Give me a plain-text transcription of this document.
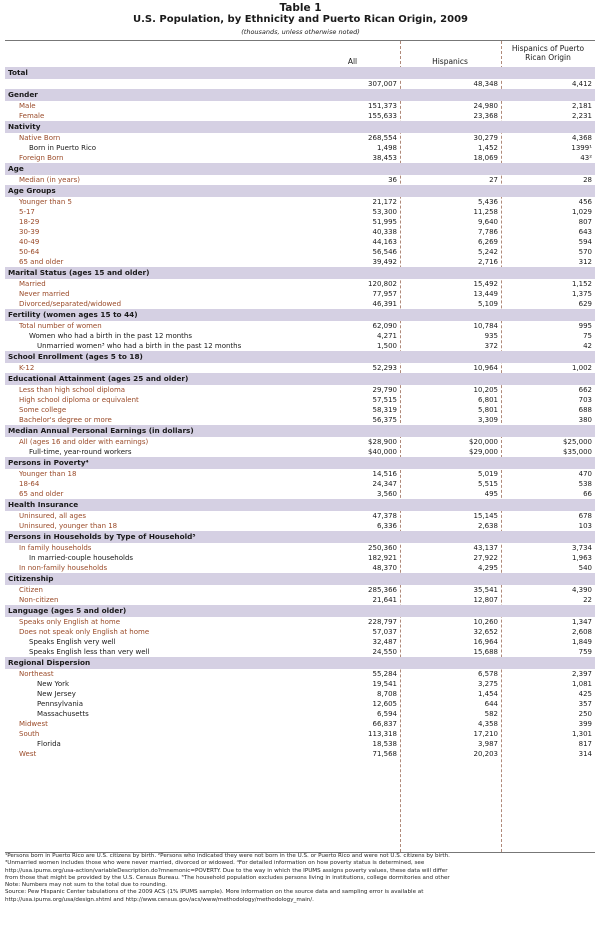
Table 1
U.S. Population, by Ethnicity and Puerto Rican Origin, 2009
(thousands, unless otherwise noted)
All	Hispanics
Hispanics of Puerto Rican Origin
Total			
	307,007	48,348	4,412
Gender			
Male	151,373	24,980	2,181
Female	155,633	23,368	2,231
Nativity			
Native Born	268,554	30,279	4,368
Born in Puerto Rico	1,498	1,452	1399¹
Foreign Born	38,453	18,069	43²
Age			
Median (in years)	36	27	28
Age Groups			
Younger than 5	21,172	5,436	456
5-17	53,300	11,258	1,029
18-29	51,995	9,640	807
30-39	40,338	7,786	643
40-49	44,163	6,269	594
50-64	56,546	5,242	570
65 and older	39,492	2,716	312
Marital Status (ages 15 and older)			
Married	120,802	15,492	1,152
Never married	77,957	13,449	1,375
Divorced/separated/widowed	46,391	5,109	629
Fertility (women ages 15 to 44)			
Total number of women	62,090	10,784	995
Women who had a birth in the past 12 months	4,271	935	75
Unmarried women³ who had a birth in the past 12 months	1,500	372	42
School Enrollment (ages 5 to 18)			
K-12	52,293	10,964	1,002
Educational Attainment (ages 25 and older)			
Less than high school diploma	29,790	10,205	662
High school diploma or equivalent	57,515	6,801	703
Some college	58,319	5,801	688
Bachelor's degree or more	56,375	3,309	380
Median Annual Personal Earnings (in dollars)			
All (ages 16 and older with earnings)	$28,900	$20,000	$25,000
Full-time, year-round workers	$40,000	$29,000	$35,000
Persons in Poverty⁴			
Younger than 18	14,516	5,019	470
18-64	24,347	5,515	538
65 and older	3,560	495	66
Health Insurance			
Uninsured, all ages	47,378	15,145	678
Uninsured, younger than 18	6,336	2,638	103
Persons in Households by Type of Household⁵			
In family households	250,360	43,137	3,734
In married-couple households	182,921	27,922	1,963
In non-family households	48,370	4,295	540
Citizenship			
Citizen	285,366	35,541	4,390
Non-citizen	21,641	12,807	22
Language (ages 5 and older)			
Speaks only English at home	228,797	10,260	1,347
Does not speak only English at home	57,037	32,652	2,608
Speaks English very well	32,487	16,964	1,849
Speaks English less than very well	24,550	15,688	759
Regional Dispersion			
Northeast	55,284	6,578	2,397
New York	19,541	3,275	1,081
New Jersey	8,708	1,454	425
Pennsylvania	12,605	644	357
Massachusetts	6,594	582	250
Midwest	66,837	4,358	399
South	113,318	17,210	1,301
Florida	18,538	3,987	817
West	71,568	20,203	314
¹Persons born in Puerto Rico are U.S. citizens by birth. ²Persons who indicated they were not born in the U.S. or Puerto Rico and were not U.S. citizens by birth.
³Unmarried women includes those who were never married, divorced or widowed. ⁴For detailed information on how poverty status is determined, see
http://usa.ipums.org/usa-action/variableDescription.do?mnemonic=POVERTY. Due to the way in which the IPUMS assigns poverty values, these data will differ
from those that might be provided by the U.S. Census Bureau. ⁵The household population excludes persons living in institutions, college dormitories and other
Note: Numbers may not sum to the total due to rounding.
Source: Pew Hispanic Center tabulations of the 2009 ACS (1% IPUMS sample). More information on the source data and sampling error is available at
http://usa.ipums.org/usa/design.shtml and http://www.census.gov/acs/www/methodology/methodology_main/.
